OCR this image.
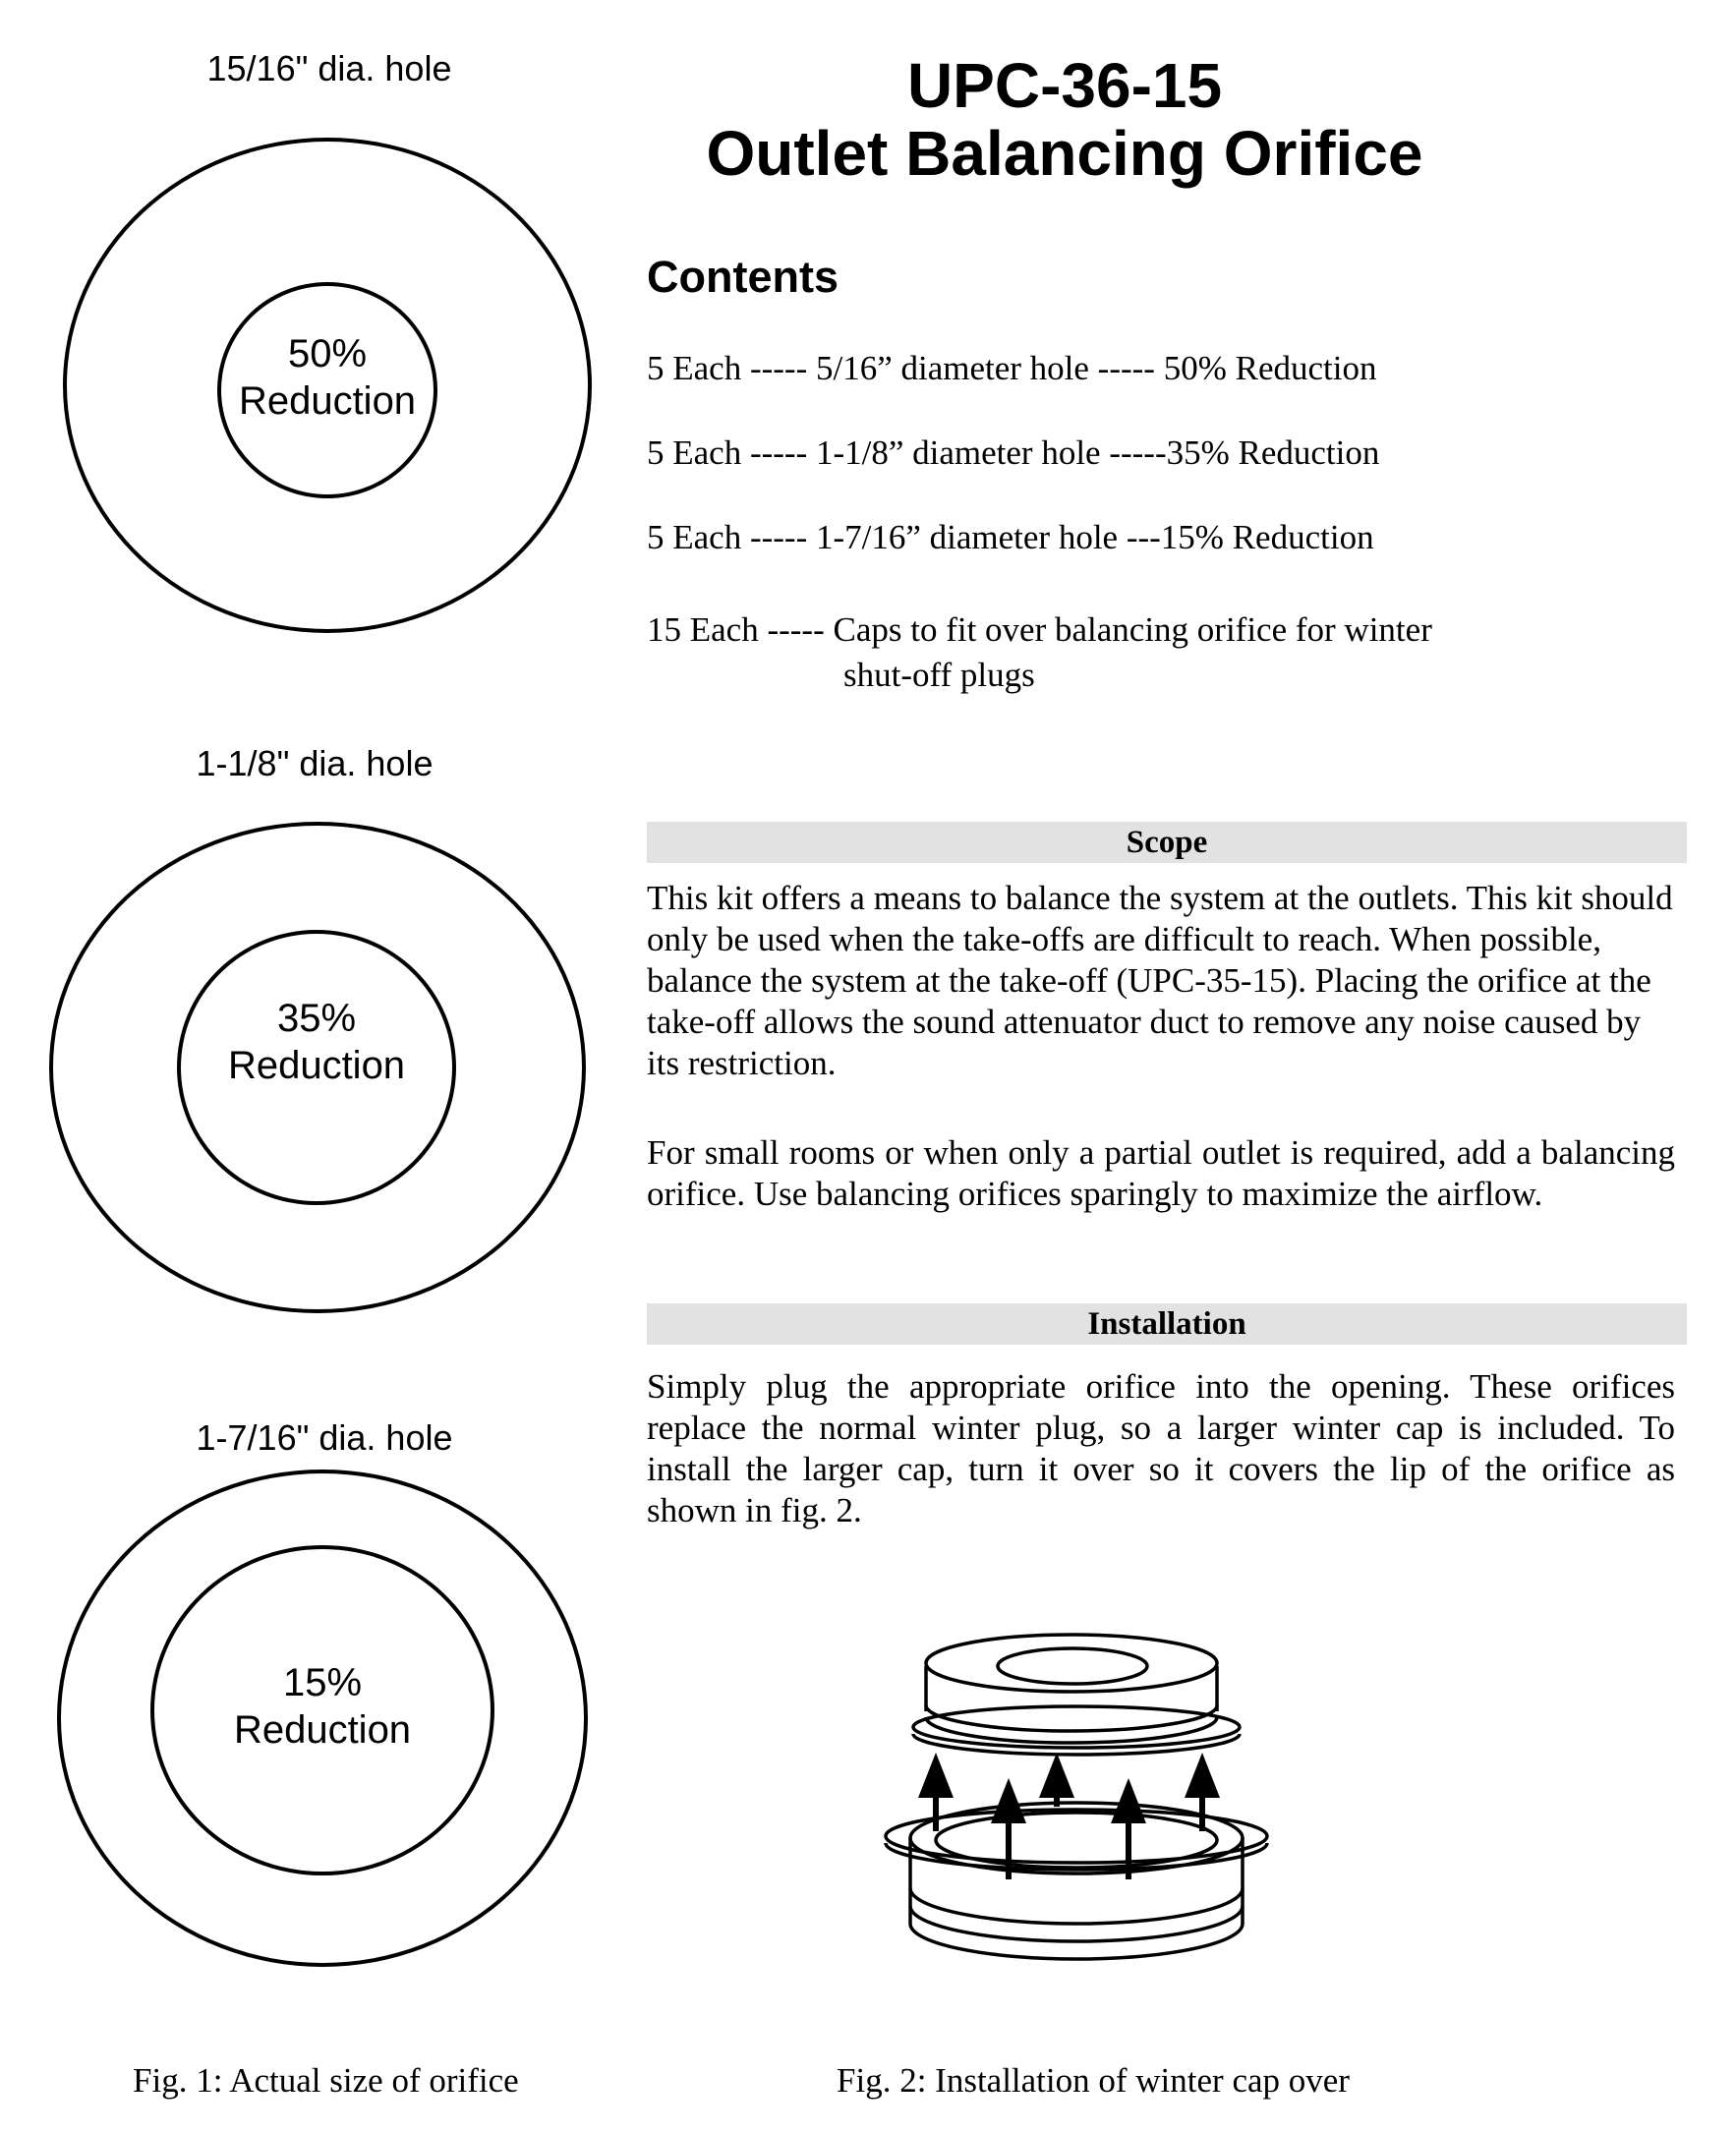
15/16" dia. hole
50%
Reduction
1-1/8" dia. hole
35%
Reduction
1-7/16" dia. hole
15%
Reduction
UPC-36-15
Outlet Balancing Orifice
Contents
5 Each ----- 5/16” diameter hole ----- 50% Reduction
5 Each ----- 1-1/8” diameter hole -----35% Reduction
5 Each ----- 1-7/16” diameter hole ---15% Reduction
15 Each ----- Caps to fit over balancing orifice for winter
shut-off plugs
Scope
This kit offers a means to balance the system at the outlets. This kit should only be used when the take-offs are difficult to reach. When possible, balance the system at the take-off (UPC-35-15). Placing the orifice at the take-off allows the sound attenuator duct to remove any noise caused by its restriction.
For small rooms or when only a partial outlet is required, add a balancing orifice. Use balancing orifices sparingly to maximize the airflow.
Installation
Simply plug the appropriate orifice into the opening. These orifices replace the normal winter plug, so a larger winter cap is included. To install the larger cap, turn it over so it covers the lip of the orifice as shown in fig. 2.
Fig. 1: Actual size of orifice	Fig. 2: Installation of winter cap over
